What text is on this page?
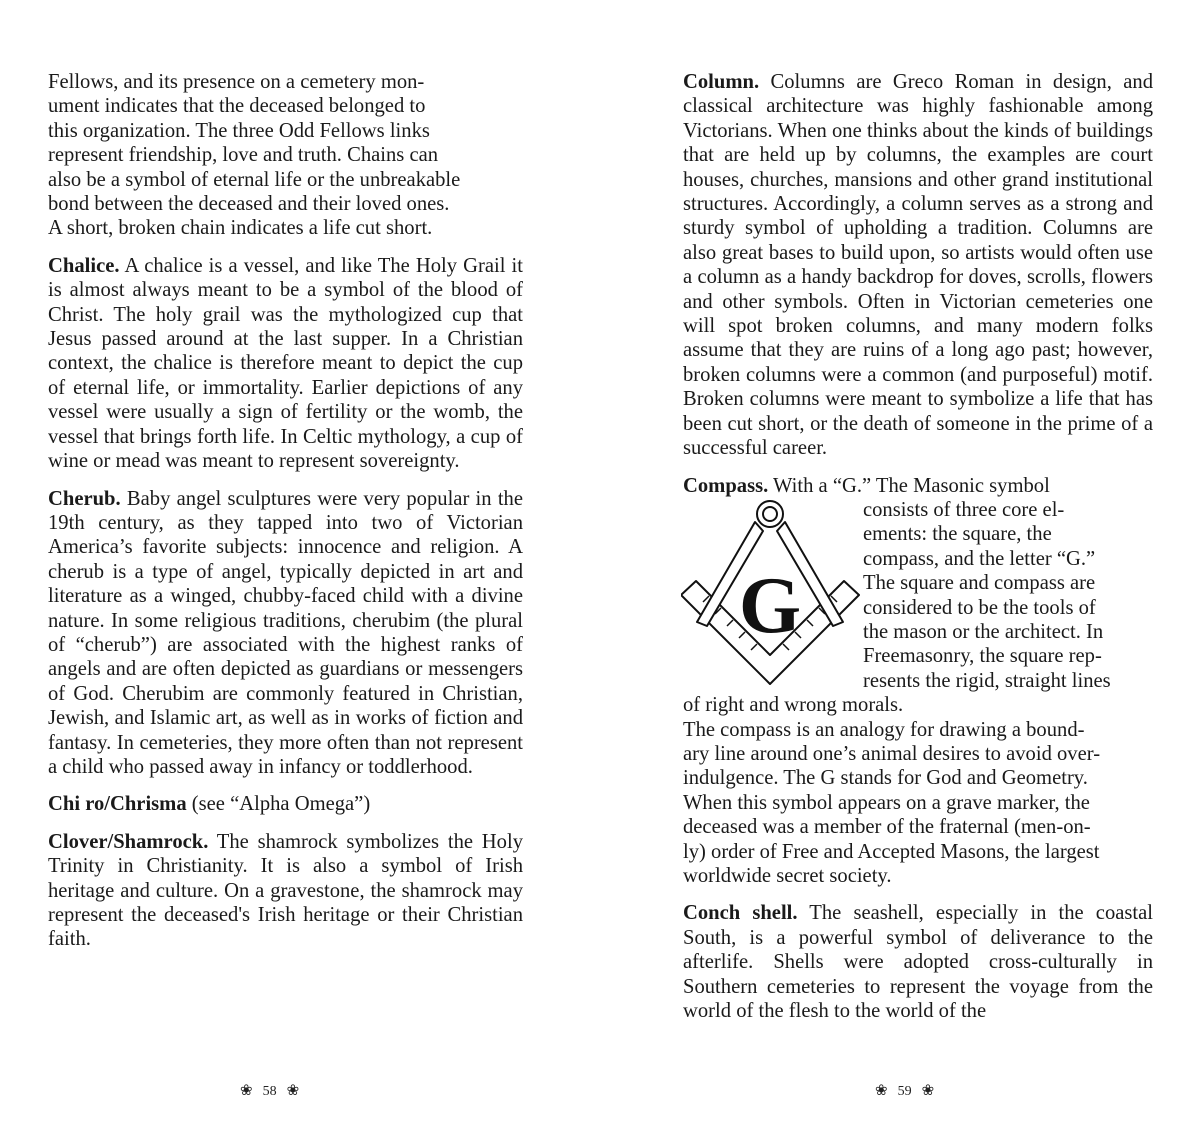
Fellows, and its presence on a cemetery mon-
ument indicates that the deceased belonged to
this organization. The three Odd Fellows links
represent friendship, love and truth. Chains can
also be a symbol of eternal life or the unbreakable
bond between the deceased and their loved ones.
A short, broken chain indicates a life cut short.

Chalice. A chalice is a vessel, and like The Holy Grail it is almost always meant to be a symbol of the blood of Christ. The holy grail was the mythologized cup that Jesus passed around at the last supper. In a Christian context, the chalice is therefore meant to depict the cup of eternal life, or immortality. Earlier depictions of any vessel were usually a sign of fertility or the womb, the vessel that brings forth life. In Celtic mythology, a cup of wine or mead was meant to represent sovereignty.

Cherub. Baby angel sculptures were very popular in the 19th century, as they tapped into two of Victorian America’s favorite subjects: innocence and religion. A cherub is a type of angel, typically depicted in art and literature as a winged, chubby-faced child with a divine nature. In some religious traditions, cherubim (the plural of “cherub”) are associated with the highest ranks of angels and are often depicted as guardians or messengers of God. Cherubim are commonly featured in Christian, Jewish, and Islamic art, as well as in works of fiction and fantasy. In cemeteries, they more often than not represent a child who passed away in infancy or toddlerhood.

Chi ro/Chrisma (see “Alpha Omega”)

Clover/Shamrock. The shamrock symbolizes the Holy Trinity in Christianity. It is also a symbol of Irish heritage and culture. On a gravestone, the shamrock may represent the deceased's Irish heritage or their Christian faith.

Column. Columns are Greco Roman in design, and classical architecture was highly fashionable among Victorians. When one thinks about the kinds of buildings that are held up by columns, the examples are court houses, churches, mansions and other grand institutional structures. Accordingly, a column serves as a strong and sturdy symbol of upholding a tradition. Columns are also great bases to build upon, so artists would often use a column as a handy backdrop for doves, scrolls, flowers and other symbols. Often in Victorian cemeteries one will spot broken columns, and many modern folks assume that they are ruins of a long ago past; however, broken columns were a common (and purposeful) motif. Broken columns were meant to symbolize a life that has been cut short, or the death of someone in the prime of a successful career.

Compass. With a “G.” The Masonic symbol
G
consists of three core el-
ements: the square, the
compass, and the letter “G.”
The square and compass are
considered to be the tools of
the mason or the architect. In
Freemasonry, the square rep-
resents the rigid, straight lines
of right and wrong morals.
The compass is an analogy for drawing a bound-
ary line around one’s animal desires to avoid over-
indulgence. The G stands for God and Geometry.
When this symbol appears on a grave marker, the
deceased was a member of the fraternal (men-on-
ly) order of Free and Accepted Masons, the largest
worldwide secret society.

Conch shell. The seashell, especially in the coastal South, is a powerful symbol of deliverance to the afterlife. Shells were adopted cross-culturally in Southern cemeteries to represent the voyage from the world of the flesh to the world of the

❀ 58 ❀	❀ 59 ❀
